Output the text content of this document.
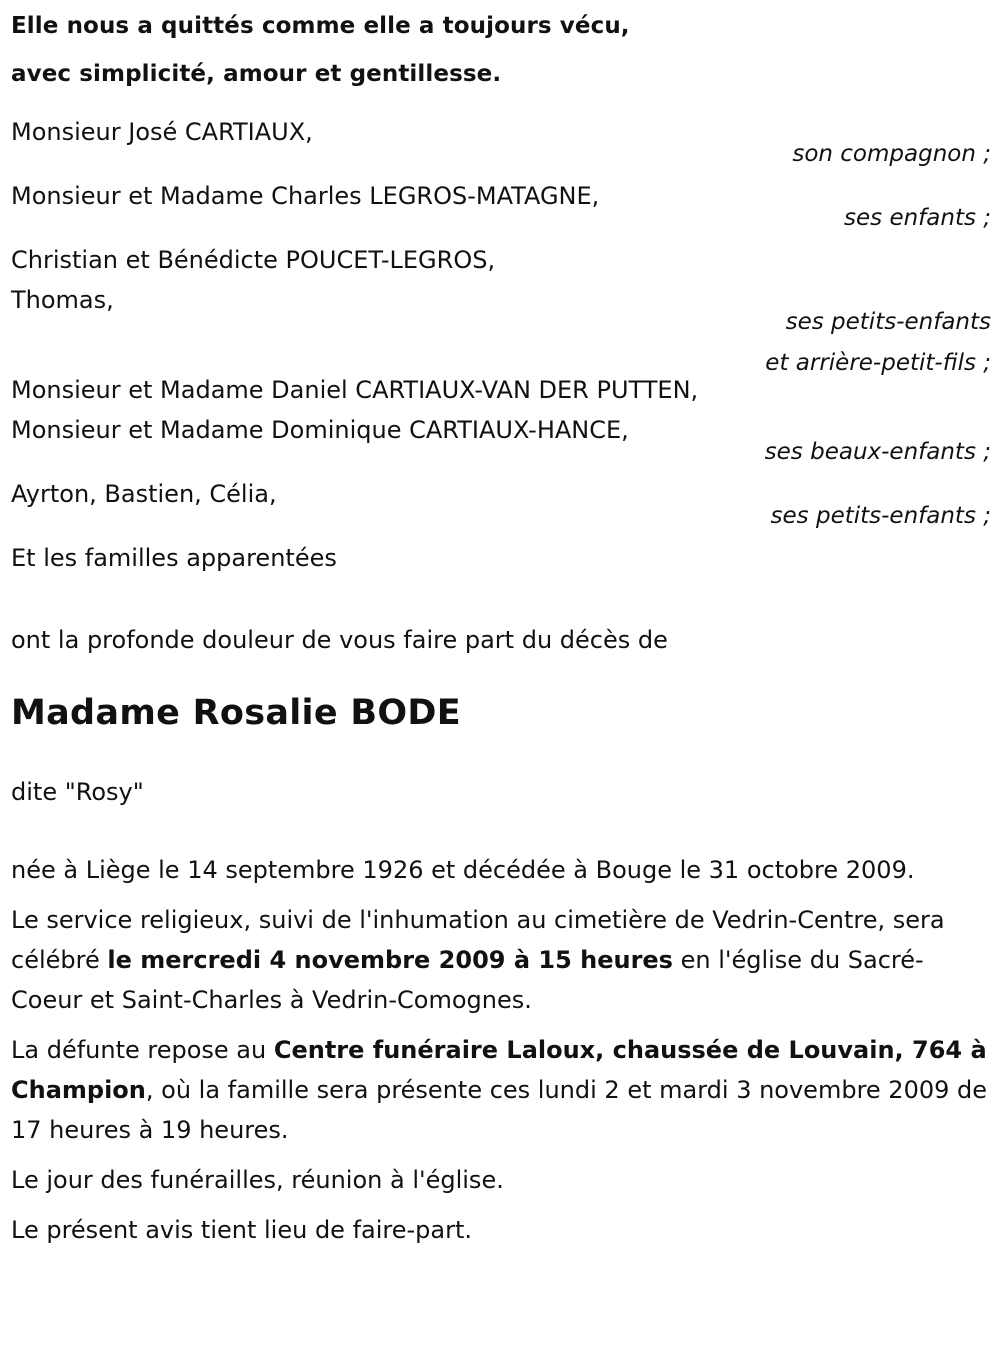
Elle nous a quittés comme elle a toujours vécu,
avec simplicité, amour et gentillesse.
Monsieur José CARTIAUX,
son compagnon ;
Monsieur et Madame Charles LEGROS-MATAGNE,
ses enfants ;
Christian et Bénédicte POUCET-LEGROS,
Thomas,
ses petits-enfants
et arrière-petit-fils ;
Monsieur et Madame Daniel CARTIAUX-VAN DER PUTTEN,
Monsieur et Madame Dominique CARTIAUX-HANCE,
ses beaux-enfants ;
Ayrton, Bastien, Célia,
ses petits-enfants ;
Et les familles apparentées
ont la profonde douleur de vous faire part du décès de
Madame Rosalie BODE
dite "Rosy"
née à Liège le 14 septembre 1926 et décédée à Bouge le 31 octobre 2009.
Le service religieux, suivi de l'inhumation au cimetière de Vedrin-Centre, sera célébré le mercredi 4 novembre 2009 à 15 heures en l'église du Sacré-Coeur et Saint-Charles à Vedrin-Comognes.
La défunte repose au Centre funéraire Laloux, chaussée de Louvain, 764 à Champion, où la famille sera présente ces lundi 2 et mardi 3 novembre 2009 de 17 heures à 19 heures.
Le jour des funérailles, réunion à l'église.
Le présent avis tient lieu de faire-part.
